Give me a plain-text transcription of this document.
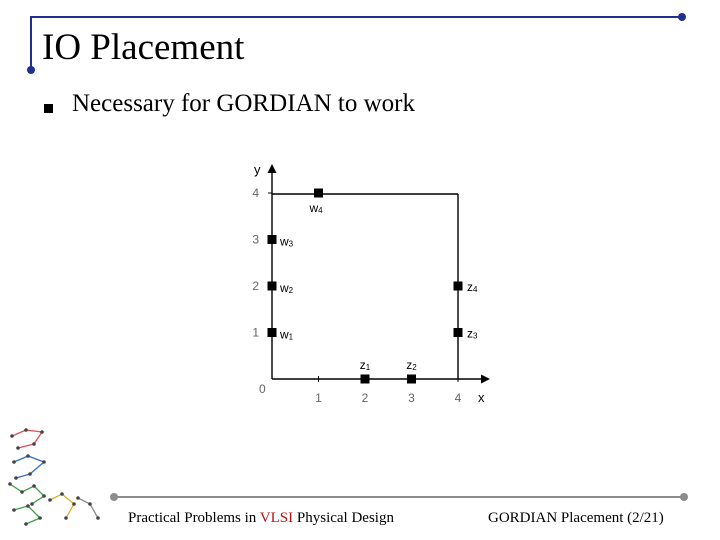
IO Placement
Necessary for GORDIAN to work
y
x
0
1	2	3	4
1
2
3
4
w4
w3
w2
w1
z4
z3
z1	z2
Practical Problems in VLSI Physical Design	GORDIAN Placement (2/21)
